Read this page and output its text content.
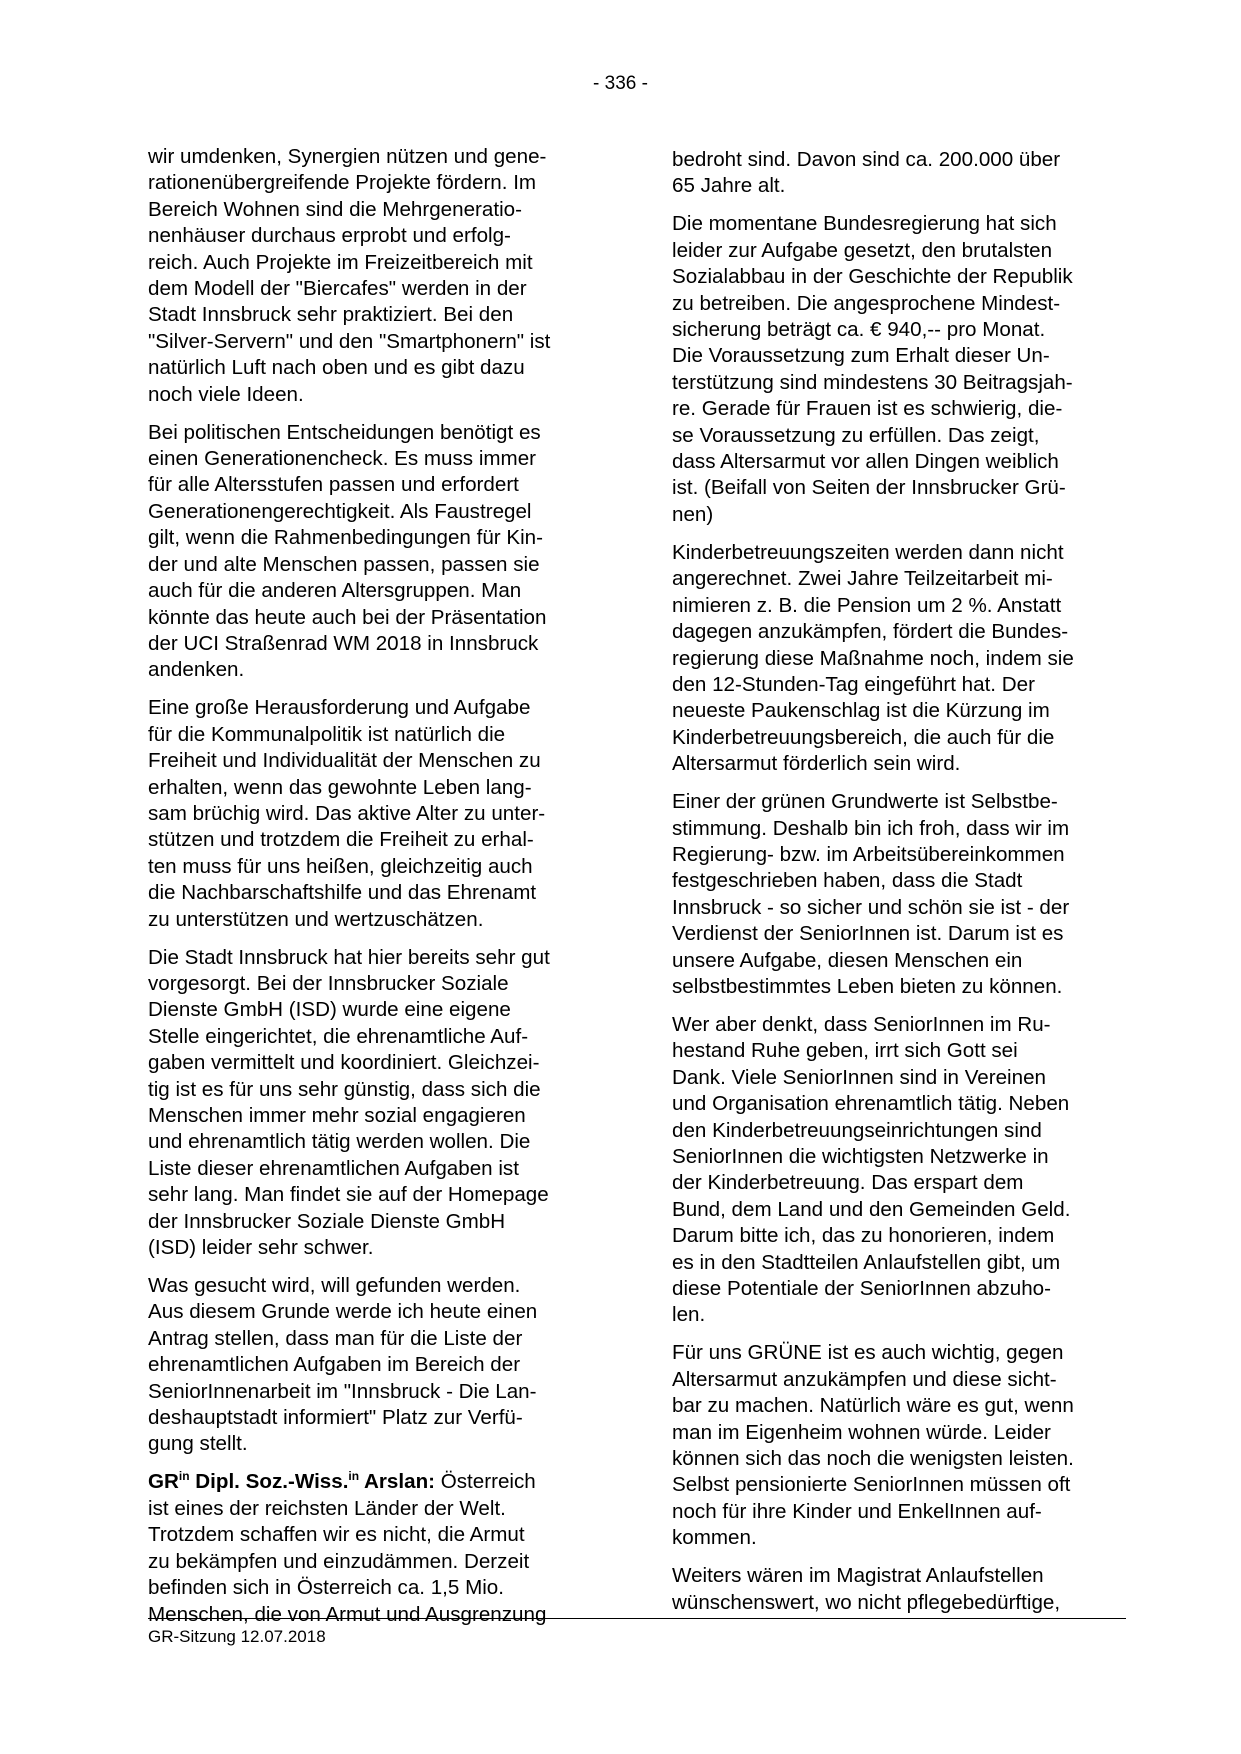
- 336 -

wir umdenken, Synergien nützen und gene-
rationenübergreifende Projekte fördern. Im
Bereich Wohnen sind die Mehrgeneratio-
nenhäuser durchaus erprobt und erfolg-
reich. Auch Projekte im Freizeitbereich mit
dem Modell der "Biercafes" werden in der
Stadt Innsbruck sehr praktiziert. Bei den
"Silver-Servern" und den "Smartphonern" ist
natürlich Luft nach oben und es gibt dazu
noch viele Ideen.

Bei politischen Entscheidungen benötigt es
einen Generationencheck. Es muss immer
für alle Altersstufen passen und erfordert
Generationengerechtigkeit. Als Faustregel
gilt, wenn die Rahmenbedingungen für Kin-
der und alte Menschen passen, passen sie
auch für die anderen Altersgruppen. Man
könnte das heute auch bei der Präsentation
der UCI Straßenrad WM 2018 in Innsbruck
andenken.

Eine große Herausforderung und Aufgabe
für die Kommunalpolitik ist natürlich die
Freiheit und Individualität der Menschen zu
erhalten, wenn das gewohnte Leben lang-
sam brüchig wird. Das aktive Alter zu unter-
stützen und trotzdem die Freiheit zu erhal-
ten muss für uns heißen, gleichzeitig auch
die Nachbarschaftshilfe und das Ehrenamt
zu unterstützen und wertzuschätzen.

Die Stadt Innsbruck hat hier bereits sehr gut
vorgesorgt. Bei der Innsbrucker Soziale
Dienste GmbH (ISD) wurde eine eigene
Stelle eingerichtet, die ehrenamtliche Auf-
gaben vermittelt und koordiniert. Gleichzei-
tig ist es für uns sehr günstig, dass sich die
Menschen immer mehr sozial engagieren
und ehrenamtlich tätig werden wollen. Die
Liste dieser ehrenamtlichen Aufgaben ist
sehr lang. Man findet sie auf der Homepage
der Innsbrucker Soziale Dienste GmbH
(ISD) leider sehr schwer.

Was gesucht wird, will gefunden werden.
Aus diesem Grunde werde ich heute einen
Antrag stellen, dass man für die Liste der
ehrenamtlichen Aufgaben im Bereich der
SeniorInnenarbeit im "Innsbruck - Die Lan-
deshauptstadt informiert" Platz zur Verfü-
gung stellt.

$GR^{in}$ Dipl. Soz.-Wiss.$^{in}$ Arslan: Österreich
ist eines der reichsten Länder der Welt.
Trotzdem schaffen wir es nicht, die Armut
zu bekämpfen und einzudämmen. Derzeit
befinden sich in Österreich ca. 1,5 Mio.
Menschen, die von Armut und Ausgrenzung

bedroht sind. Davon sind ca. 200.000 über
65 Jahre alt.

Die momentane Bundesregierung hat sich
leider zur Aufgabe gesetzt, den brutalsten
Sozialabbau in der Geschichte der Republik
zu betreiben. Die angesprochene Mindest-
sicherung beträgt ca. € 940,-- pro Monat.
Die Voraussetzung zum Erhalt dieser Un-
terstützung sind mindestens 30 Beitragsjah-
re. Gerade für Frauen ist es schwierig, die-
se Voraussetzung zu erfüllen. Das zeigt,
dass Altersarmut vor allen Dingen weiblich
ist. (Beifall von Seiten der Innsbrucker Grü-
nen)

Kinderbetreuungszeiten werden dann nicht
angerechnet. Zwei Jahre Teilzeitarbeit mi-
nimieren z. B. die Pension um 2 %. Anstatt
dagegen anzukämpfen, fördert die Bundes-
regierung diese Maßnahme noch, indem sie
den 12-Stunden-Tag eingeführt hat. Der
neueste Paukenschlag ist die Kürzung im
Kinderbetreuungsbereich, die auch für die
Altersarmut förderlich sein wird.

Einer der grünen Grundwerte ist Selbstbe-
stimmung. Deshalb bin ich froh, dass wir im
Regierung- bzw. im Arbeitsübereinkommen
festgeschrieben haben, dass die Stadt
Innsbruck - so sicher und schön sie ist - der
Verdienst der SeniorInnen ist. Darum ist es
unsere Aufgabe, diesen Menschen ein
selbstbestimmtes Leben bieten zu können.

Wer aber denkt, dass SeniorInnen im Ru-
hestand Ruhe geben, irrt sich Gott sei
Dank. Viele SeniorInnen sind in Vereinen
und Organisation ehrenamtlich tätig. Neben
den Kinderbetreuungseinrichtungen sind
SeniorInnen die wichtigsten Netzwerke in
der Kinderbetreuung. Das erspart dem
Bund, dem Land und den Gemeinden Geld.
Darum bitte ich, das zu honorieren, indem
es in den Stadtteilen Anlaufstellen gibt, um
diese Potentiale der SeniorInnen abzuho-
len.

Für uns GRÜNE ist es auch wichtig, gegen
Altersarmut anzukämpfen und diese sicht-
bar zu machen. Natürlich wäre es gut, wenn
man im Eigenheim wohnen würde. Leider
können sich das noch die wenigsten leisten.
Selbst pensionierte SeniorInnen müssen oft
noch für ihre Kinder und EnkelInnen auf-
kommen.

Weiters wären im Magistrat Anlaufstellen
wünschenswert, wo nicht pflegebedürftige,

GR-Sitzung 12.07.2018
